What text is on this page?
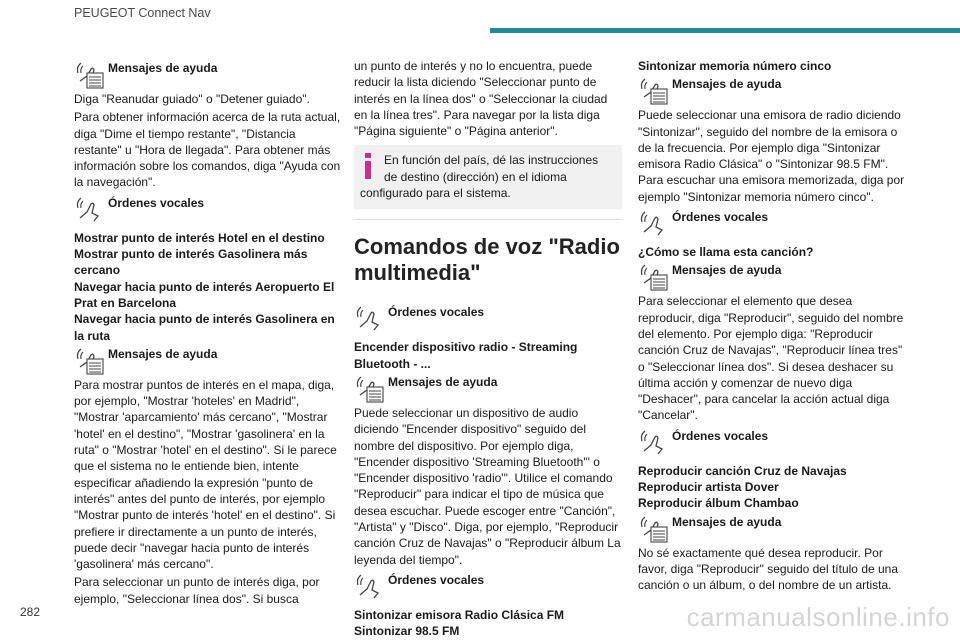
PEUGEOT Connect Nav
Mensajes de ayuda
Diga "Reanudar guiado" o "Detener guiado".
Para obtener información acerca de la ruta actual, diga "Dime el tiempo restante", "Distancia restante" u "Hora de llegada". Para obtener más información sobre los comandos, diga "Ayuda con la navegación".
Órdenes vocales
Mostrar punto de interés Hotel en el destino
Mostrar punto de interés Gasolinera más cercano
Navegar hacia punto de interés Aeropuerto El Prat en Barcelona
Navegar hacia punto de interés Gasolinera en la ruta
Mensajes de ayuda
Para mostrar puntos de interés en el mapa, diga, por ejemplo, "Mostrar 'hoteles' en Madrid", "Mostrar 'aparcamiento' más cercano", "Mostrar 'hotel' en el destino", "Mostrar 'gasolinera' en la ruta" o "Mostrar 'hotel' en el destino". Si le parece que el sistema no le entiende bien, intente especificar añadiendo la expresión "punto de interés" antes del punto de interés, por ejemplo "Mostrar punto de interés 'hotel' en el destino". Si prefiere ir directamente a un punto de interés, puede decir "navegar hacia punto de interés 'gasolinera' más cercano".
Para seleccionar un punto de interés diga, por ejemplo, "Seleccionar línea dos". Si busca
un punto de interés y no lo encuentra, puede reducir la lista diciendo "Seleccionar punto de interés en la línea dos" o "Seleccionar la ciudad en la línea tres". Para navegar por la lista diga "Página siguiente" o "Página anterior".
En función del país, dé las instrucciones de destino (dirección) en el idioma
configurado para el sistema.
Comandos de voz "Radio multimedia"
Órdenes vocales
Encender dispositivo radio - Streaming Bluetooth - ...
Mensajes de ayuda
Puede seleccionar un dispositivo de audio diciendo "Encender dispositivo" seguido del nombre del dispositivo. Por ejemplo diga, "Encender dispositivo 'Streaming Bluetooth'" o "Encender dispositivo 'radio'". Utilice el comando "Reproducir" para indicar el tipo de música que desea escuchar. Puede escoger entre "Canción", "Artista" y "Disco". Diga, por ejemplo, "Reproducir canción Cruz de Navajas" o "Reproducir álbum La leyenda del tiempo".
Órdenes vocales
Sintonizar emisora Radio Clásica FM
Sintonizar 98.5 FM
Sintonizar memoria número cinco
Mensajes de ayuda
Puede seleccionar una emisora de radio diciendo "Sintonizar", seguido del nombre de la emisora o de la frecuencia. Por ejemplo diga "Sintonizar emisora Radio Clásica" o "Sintonizar 98.5 FM". Para escuchar una emisora memorizada, diga por ejemplo "Sintonizar memoria número cinco".
Órdenes vocales
¿Cómo se llama esta canción?
Mensajes de ayuda
Para seleccionar el elemento que desea reproducir, diga "Reproducir", seguido del nombre del elemento. Por ejemplo diga: "Reproducir canción Cruz de Navajas", "Reproducir línea tres" o "Seleccionar línea dos". Si desea deshacer su última acción y comenzar de nuevo diga "Deshacer", para cancelar la acción actual diga "Cancelar".
Órdenes vocales
Reproducir canción Cruz de Navajas
Reproducir artista Dover
Reproducir álbum Chambao
Mensajes de ayuda
No sé exactamente qué desea reproducir. Por favor, diga "Reproducir" seguido del título de una canción o un álbum, o del nombre de un artista.
282	carmanualsonline.info
